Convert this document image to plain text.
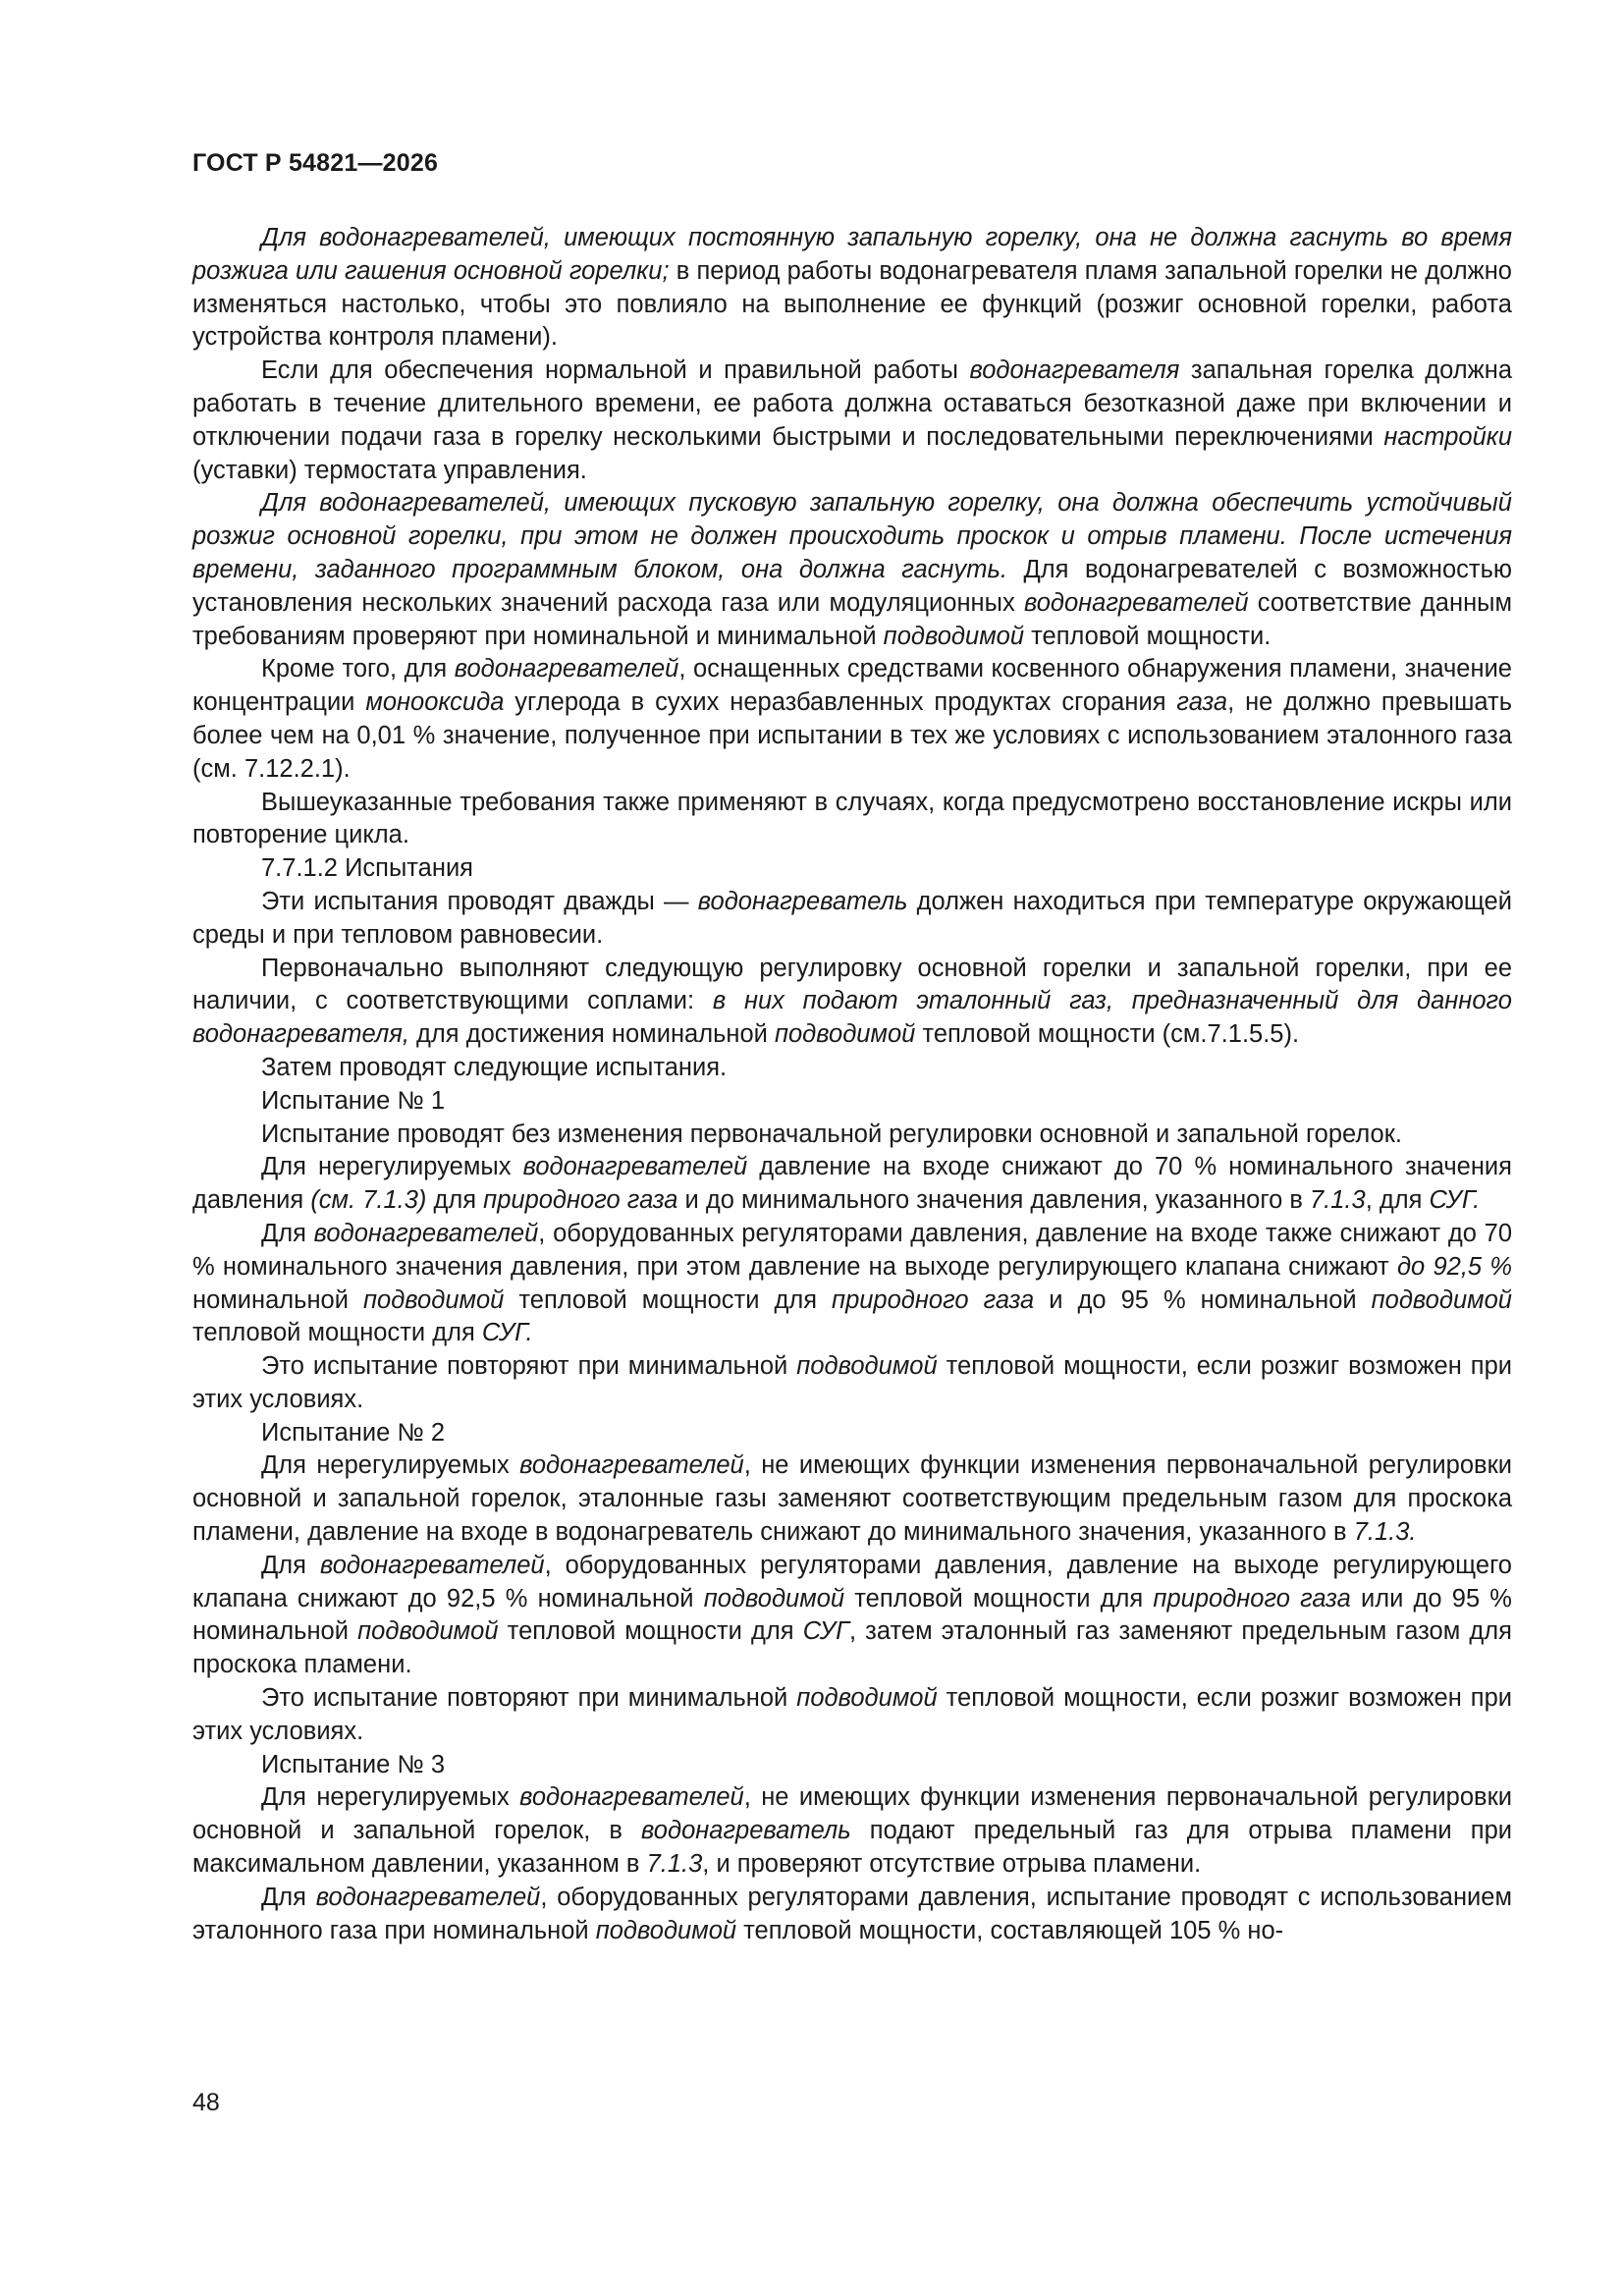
ГОСТ Р 54821—2026

Для водонагревателей, имеющих постоянную запальную горелку, она не должна гаснуть во время розжига или гашения основной горелки; в период работы водонагревателя пламя запальной горелки не должно изменяться настолько, чтобы это повлияло на выполнение ее функций (розжиг основной горелки, работа устройства контроля пламени).

Если для обеспечения нормальной и правильной работы водонагревателя запальная горелка должна работать в течение длительного времени, ее работа должна оставаться безотказной даже при включении и отключении подачи газа в горелку несколькими быстрыми и последовательными переключениями настройки (уставки) термостата управления.

Для водонагревателей, имеющих пусковую запальную горелку, она должна обеспечить устойчивый розжиг основной горелки, при этом не должен происходить проскок и отрыв пламени. После истечения времени, заданного программным блоком, она должна гаснуть. Для водонагревателей с возможностью установления нескольких значений расхода газа или модуляционных водонагревателей соответствие данным требованиям проверяют при номинальной и минимальной подводимой тепловой мощности.

Кроме того, для водонагревателей, оснащенных средствами косвенного обнаружения пламени, значение концентрации монооксида углерода в сухих неразбавленных продуктах сгорания газа, не должно превышать более чем на 0,01 % значение, полученное при испытании в тех же условиях с использованием эталонного газа (см. 7.12.2.1).

Вышеуказанные требования также применяют в случаях, когда предусмотрено восстановление искры или повторение цикла.

7.7.1.2 Испытания

Эти испытания проводят дважды — водонагреватель должен находиться при температуре окружающей среды и при тепловом равновесии.

Первоначально выполняют следующую регулировку основной горелки и запальной горелки, при ее наличии, с соответствующими соплами: в них подают эталонный газ, предназначенный для данного водонагревателя, для достижения номинальной подводимой тепловой мощности (см.7.1.5.5).

Затем проводят следующие испытания.

Испытание № 1

Испытание проводят без изменения первоначальной регулировки основной и запальной горелок.

Для нерегулируемых водонагревателей давление на входе снижают до 70 % номинального значения давления (см. 7.1.3) для природного газа и до минимального значения давления, указанного в 7.1.3, для СУГ.

Для водонагревателей, оборудованных регуляторами давления, давление на входе также снижают до 70 % номинального значения давления, при этом давление на выходе регулирующего клапана снижают до 92,5 % номинальной подводимой тепловой мощности для природного газа и до 95 % номинальной подводимой тепловой мощности для СУГ.

Это испытание повторяют при минимальной подводимой тепловой мощности, если розжиг возможен при этих условиях.

Испытание № 2

Для нерегулируемых водонагревателей, не имеющих функции изменения первоначальной регулировки основной и запальной горелок, эталонные газы заменяют соответствующим предельным газом для проскока пламени, давление на входе в водонагреватель снижают до минимального значения, указанного в 7.1.3.

Для водонагревателей, оборудованных регуляторами давления, давление на выходе регулирующего клапана снижают до 92,5 % номинальной подводимой тепловой мощности для природного газа или до 95 % номинальной подводимой тепловой мощности для СУГ, затем эталонный газ заменяют предельным газом для проскока пламени.

Это испытание повторяют при минимальной подводимой тепловой мощности, если розжиг возможен при этих условиях.

Испытание № 3

Для нерегулируемых водонагревателей, не имеющих функции изменения первоначальной регулировки основной и запальной горелок, в водонагреватель подают предельный газ для отрыва пламени при максимальном давлении, указанном в 7.1.3, и проверяют отсутствие отрыва пламени.

Для водонагревателей, оборудованных регуляторами давления, испытание проводят с использованием эталонного газа при номинальной подводимой тепловой мощности, составляющей 105 % но-

48
